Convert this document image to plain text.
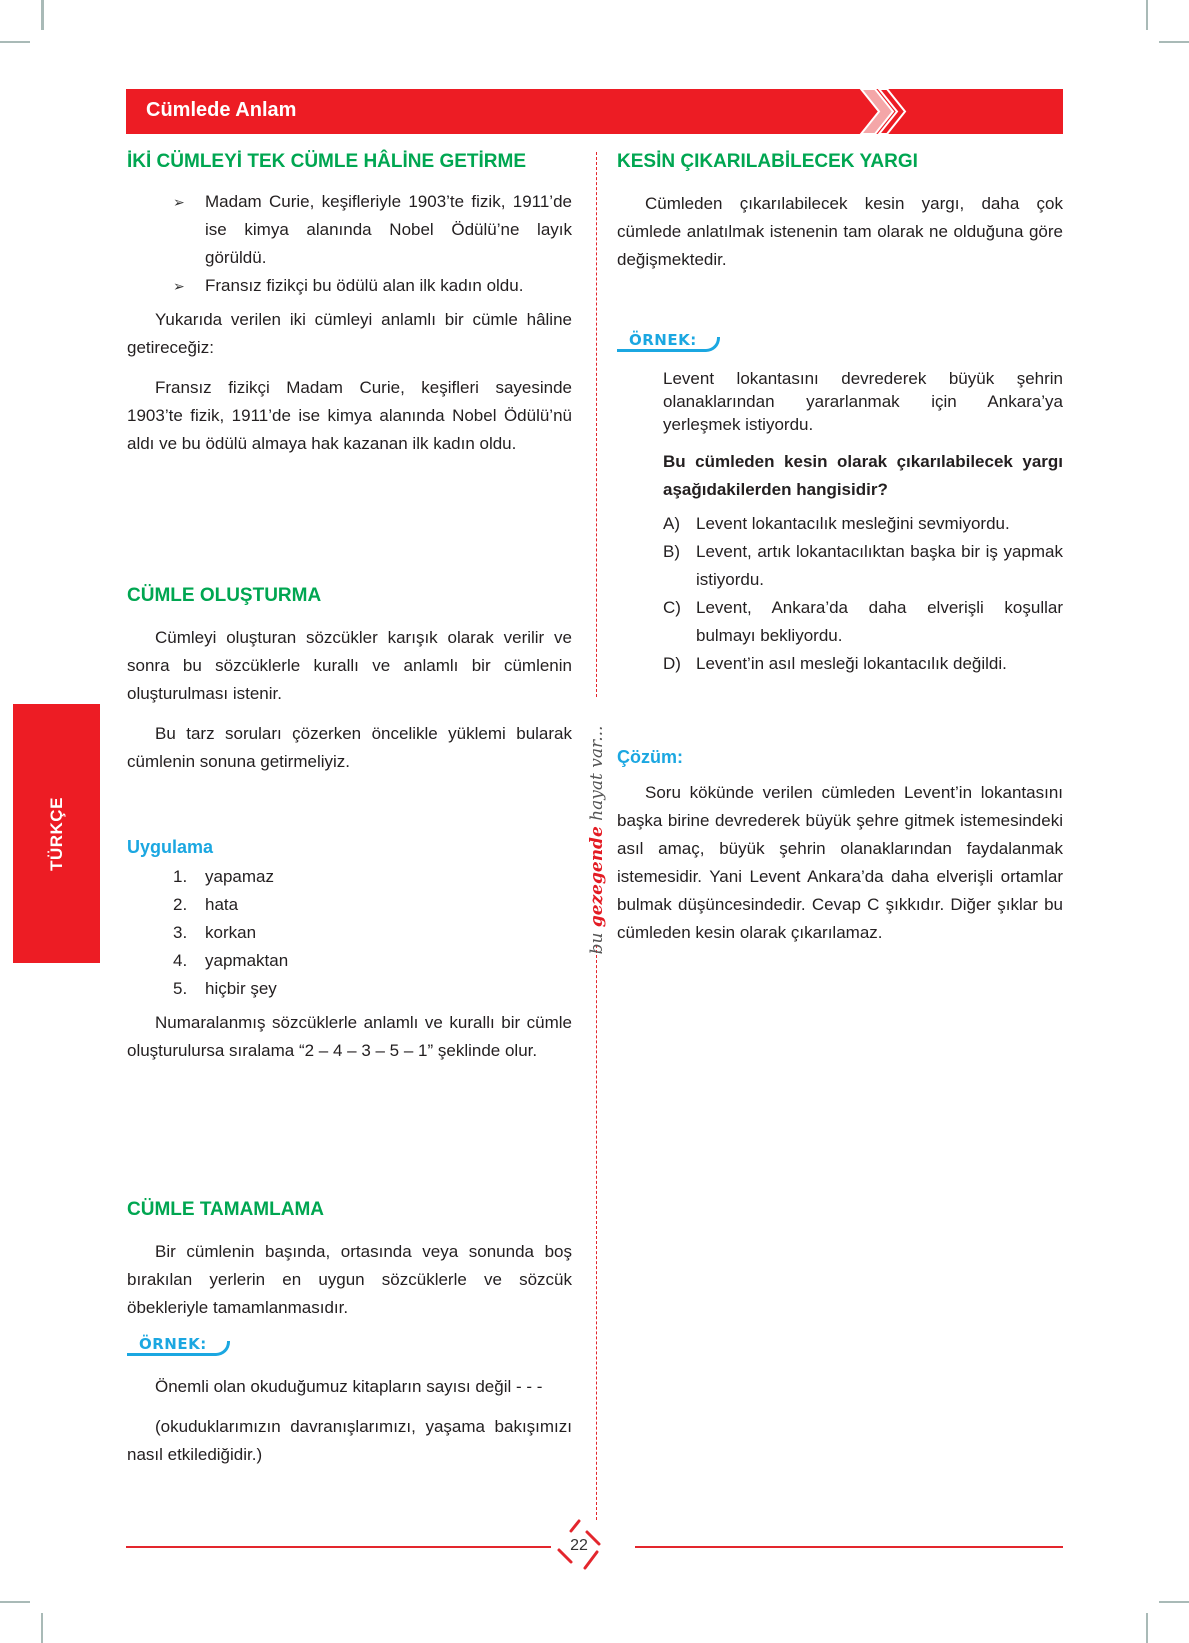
Cümlede Anlam
TÜRKÇE
bu gezegende hayat var...
İKİ CÜMLEYİ TEK CÜMLE HÂLİNE GETİRME
➢ Madam Curie, keşifleriyle 1903’te fizik, 1911’de ise kimya alanında Nobel Ödülü’ne layık görüldü.
➢ Fransız fizikçi bu ödülü alan ilk kadın oldu.

Yukarıda verilen iki cümleyi anlamlı bir cümle hâline getireceğiz:

Fransız fizikçi Madam Curie, keşifleri sayesinde 1903’te fizik, 1911’de ise kimya alanında Nobel Ödülü’nü aldı ve bu ödülü almaya hak kazanan ilk kadın oldu.

CÜMLE OLUŞTURMA

Cümleyi oluşturan sözcükler karışık olarak verilir ve sonra bu sözcüklerle kurallı ve anlamlı bir cümlenin oluşturulması istenir.

Bu tarz soruları çözerken öncelikle yüklemi bularak cümlenin sonuna getirmeliyiz.

Uygulama
1. yapamaz
2. hata
3. korkan
4. yapmaktan
5. hiçbir şey

Numaralanmış sözcüklerle anlamlı ve kurallı bir cümle oluşturulursa sıralama “2 – 4 – 3 – 5 – 1” şeklinde olur.

CÜMLE TAMAMLAMA

Bir cümlenin başında, ortasında veya sonunda boş bırakılan yerlerin en uygun sözcüklerle ve sözcük öbekleriyle tamamlanmasıdır.

ÖRNEK:

Önemli olan okuduğumuz kitapların sayısı değil - - -

(okuduklarımızın davranışlarımızı, yaşama bakışımızı nasıl etkilediğidir.)

KESİN ÇIKARILABİLECEK YARGI

Cümleden çıkarılabilecek kesin yargı, daha çok cümlede anlatılmak istenenin tam olarak ne olduğuna göre değişmektedir.

ÖRNEK:

Levent lokantasını devrederek büyük şehrin olanaklarından yararlanmak için Ankara’ya yerleşmek istiyordu.

Bu cümleden kesin olarak çıkarılabilecek yargı aşağıdakilerden hangisidir?

A) Levent lokantacılık mesleğini sevmiyordu.
B) Levent, artık lokantacılıktan başka bir iş yapmak istiyordu.
C) Levent, Ankara’da daha elverişli koşullar bulmayı bekliyordu.
D) Levent’in asıl mesleği lokantacılık değildi.
Çözüm:

Soru kökünde verilen cümleden Levent’in lokantasını başka birine devrederek büyük şehre gitmek istemesindeki asıl amaç, büyük şehrin olanaklarından faydalanmak istemesidir. Yani Levent Ankara’da daha elverişli ortamlar bulmak düşüncesindedir. Cevap C şıkkıdır. Diğer şıklar bu cümleden kesin olarak çıkarılamaz.

22
